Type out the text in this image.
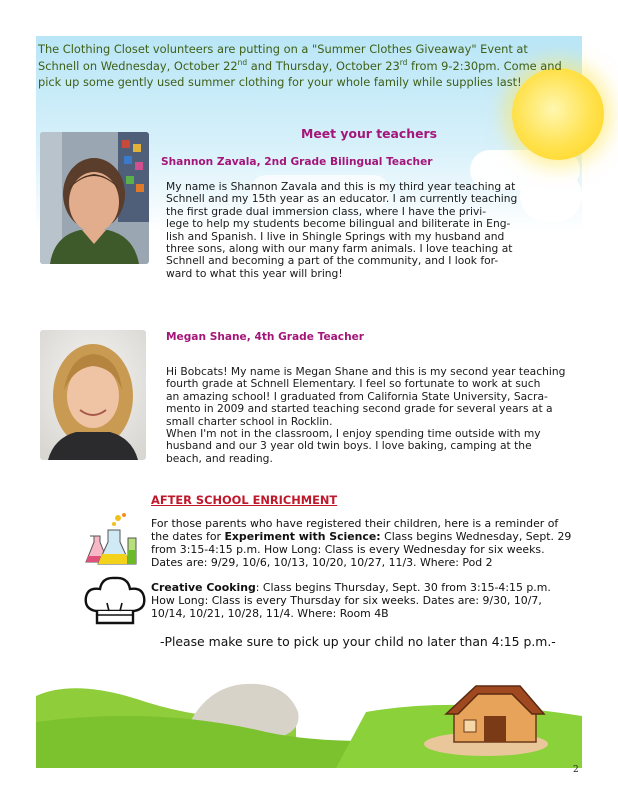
The Clothing Closet volunteers are putting on a "Summer Clothes Giveaway" Event at Schnell on Wednesday, October 22nd and Thursday, October 23rd from 9-2:30pm. Come and pick up some gently used summer clothing for your whole family while supplies last!
Meet your teachers
Shannon Zavala, 2nd Grade Bilingual Teacher

My name is Shannon Zavala and this is my third year teaching at

Schnell and my 15th year as an educator. I am currently teaching

the first grade dual immersion class, where I have the privi-

lege to help my students become bilingual and biliterate in Eng-

lish and Spanish. I live in Shingle Springs with my husband and

three sons, along with our many farm animals. I love teaching at

Schnell and becoming a part of the community, and I look for-

ward to what this year will bring!

Megan Shane, 4th Grade Teacher

Hi Bobcats! My name is Megan Shane and this is my second year teaching

fourth grade at Schnell Elementary. I feel so fortunate to work at such

an amazing school! I graduated from California State University, Sacra-

mento in 2009 and started teaching second grade for several years at a

small charter school in Rocklin.

When I'm not in the classroom, I enjoy spending time outside with my

husband and our 3 year old twin boys. I love baking, camping at the

beach, and reading.

AFTER SCHOOL ENRICHMENT
For those parents who have registered their children, here is a reminder of
the dates for Experiment with Science: Class begins Wednesday, Sept. 29
from 3:15-4:15 p.m. How Long: Class is every Wednesday for six weeks.
Dates are: 9/29, 10/6, 10/13, 10/20, 10/27, 11/3. Where: Pod 2
Creative Cooking: Class begins Thursday, Sept. 30 from 3:15-4:15 p.m.
How Long: Class is every Thursday for six weeks. Dates are: 9/30, 10/7,
10/14, 10/21, 10/28, 11/4. Where: Room 4B
-Please make sure to pick up your child no later than 4:15 p.m.-
2
